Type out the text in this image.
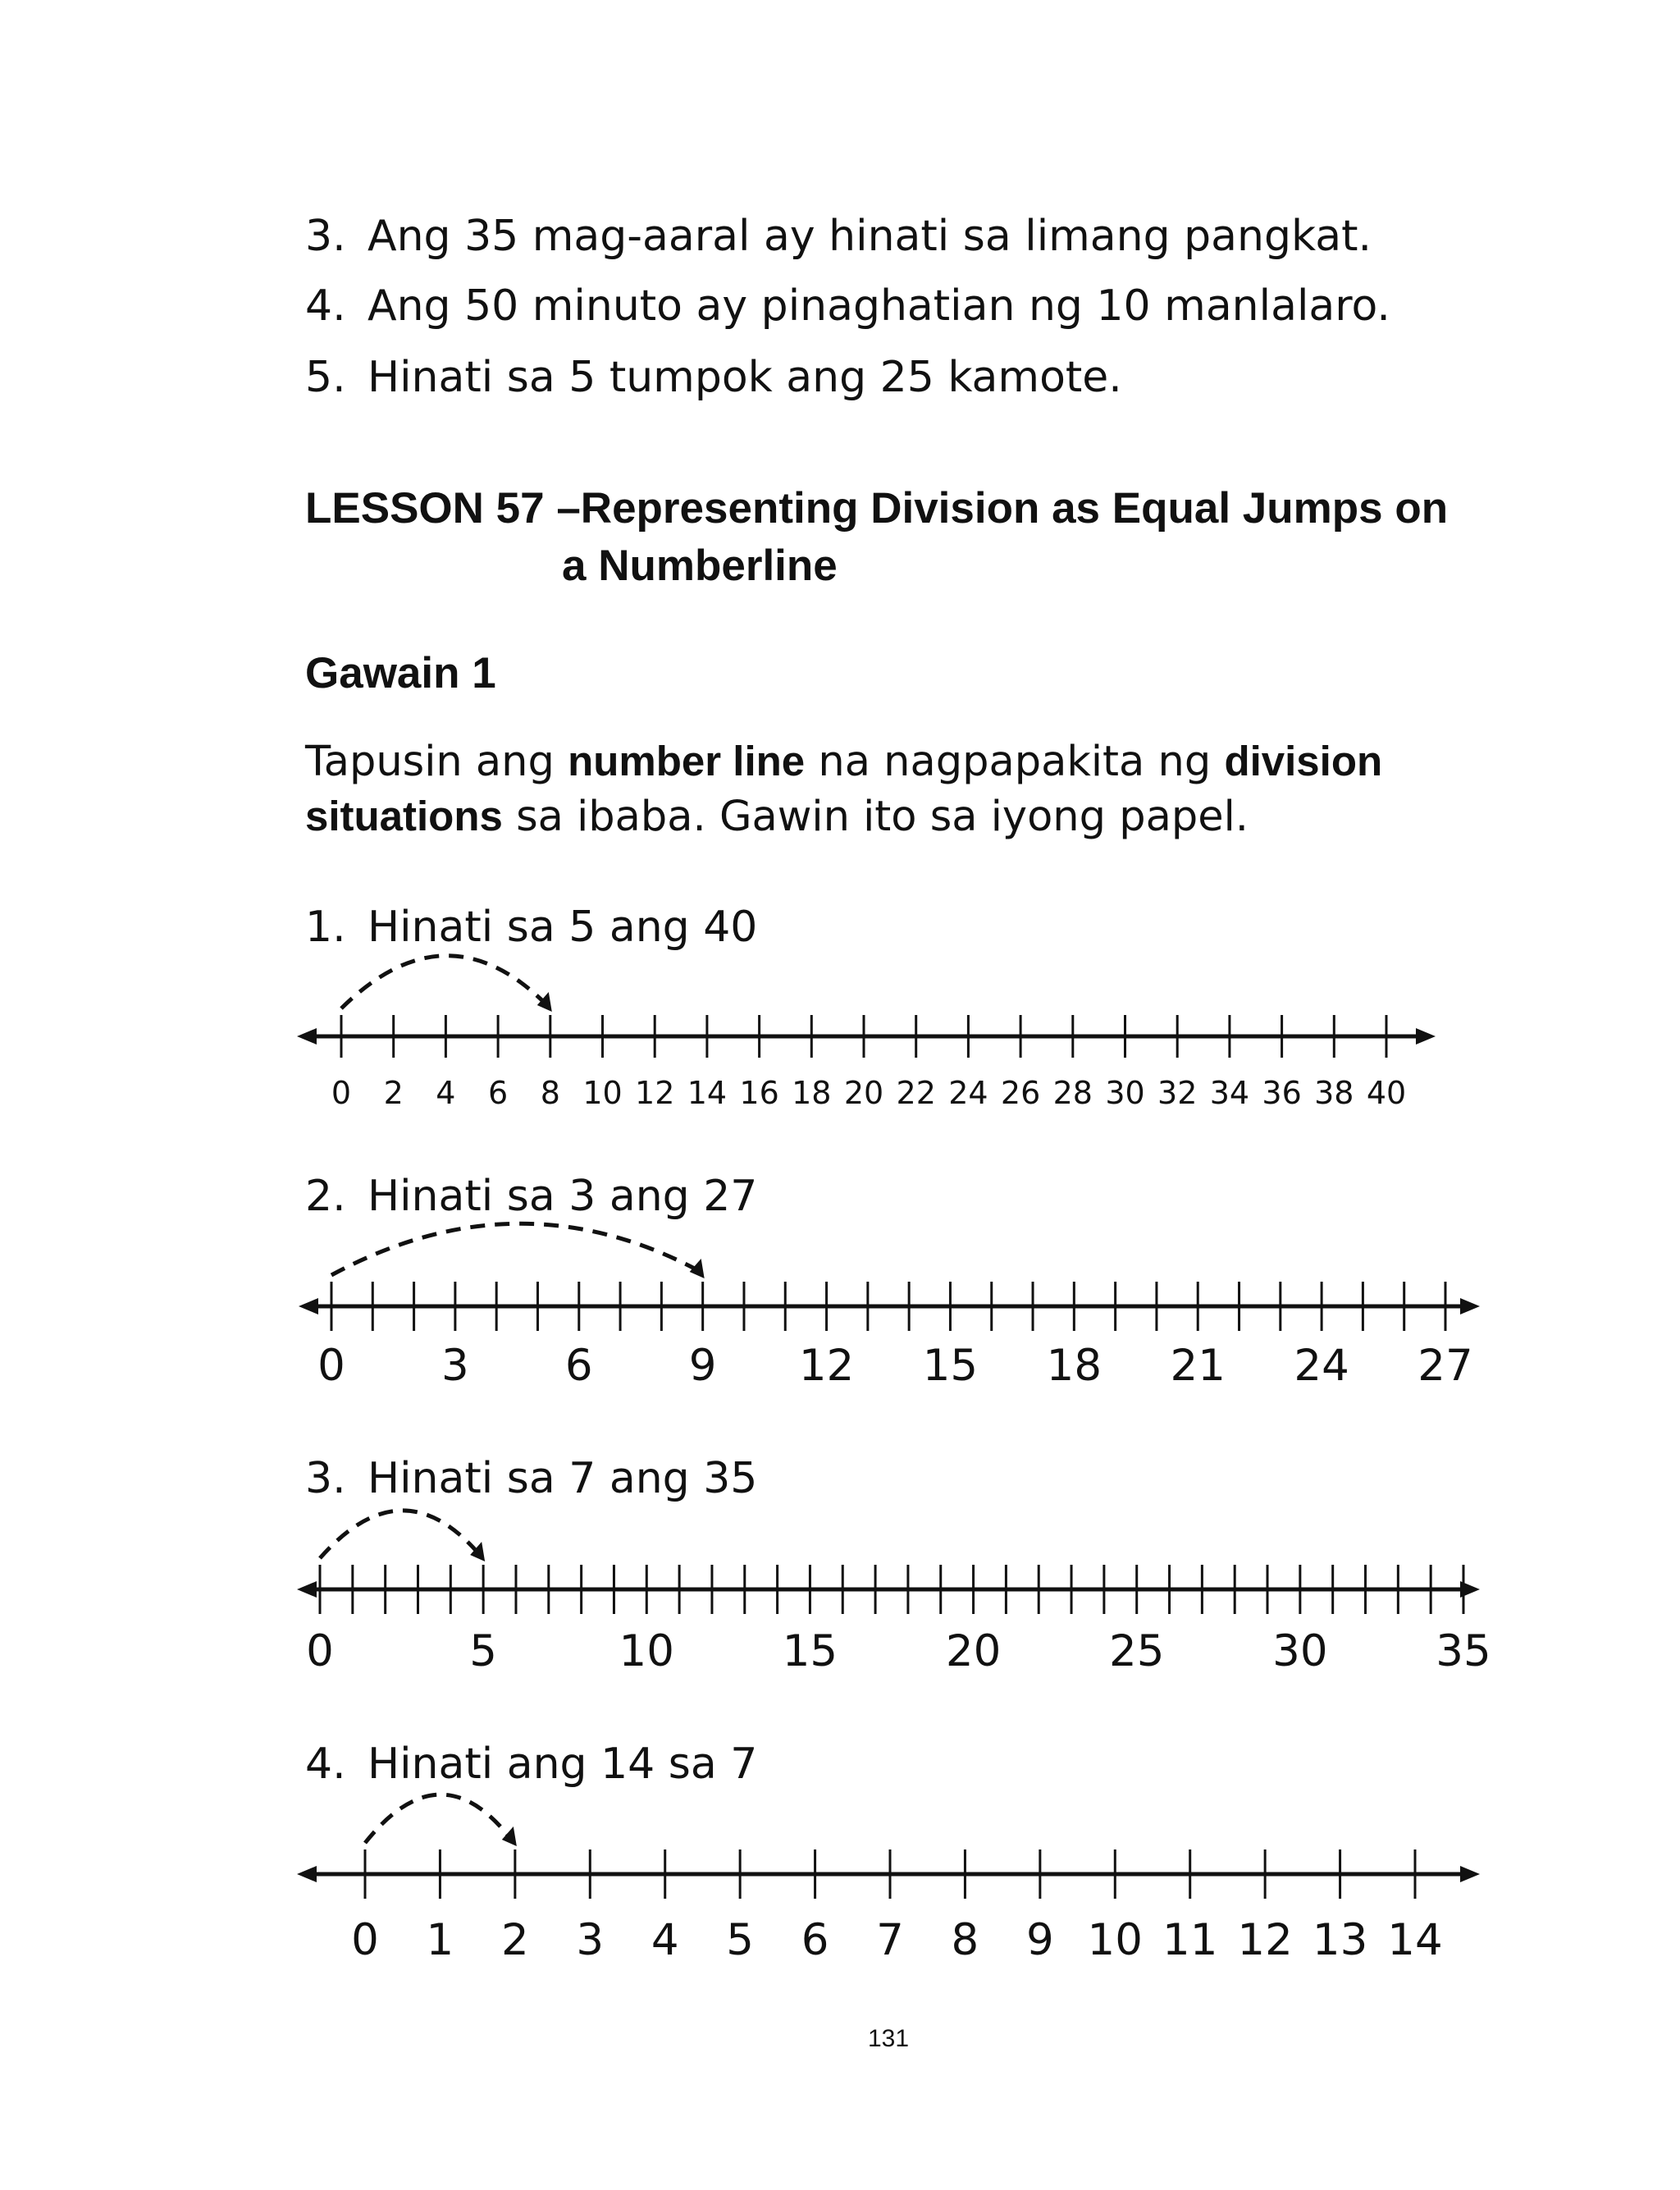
3. Ang 35 mag-aaral ay hinati sa limang pangkat.
4. Ang 50 minuto ay pinaghatian ng 10 manlalaro.
5. Hinati sa 5 tumpok ang 25 kamote.
LESSON 57 –Representing Division as Equal Jumps on
a Numberline
Gawain 1
Tapusin ang number line na nagpapakita ng division situations sa ibaba. Gawin ito sa iyong papel.
1. Hinati sa 5 ang 40
2. Hinati sa 3 ang 27
3. Hinati sa 7 ang 35
4. Hinati ang 14 sa 7
0 2 4 6 8 10 12 14 16 18 20 22 24 26 28 30 32 34 36 38 40
0 3 6 9 12 15 18 21 24 27
0	5	10 15 20 25 30 35
0 1 2 3 4 5 6 7 8 9 10 11 12 13 14
131
